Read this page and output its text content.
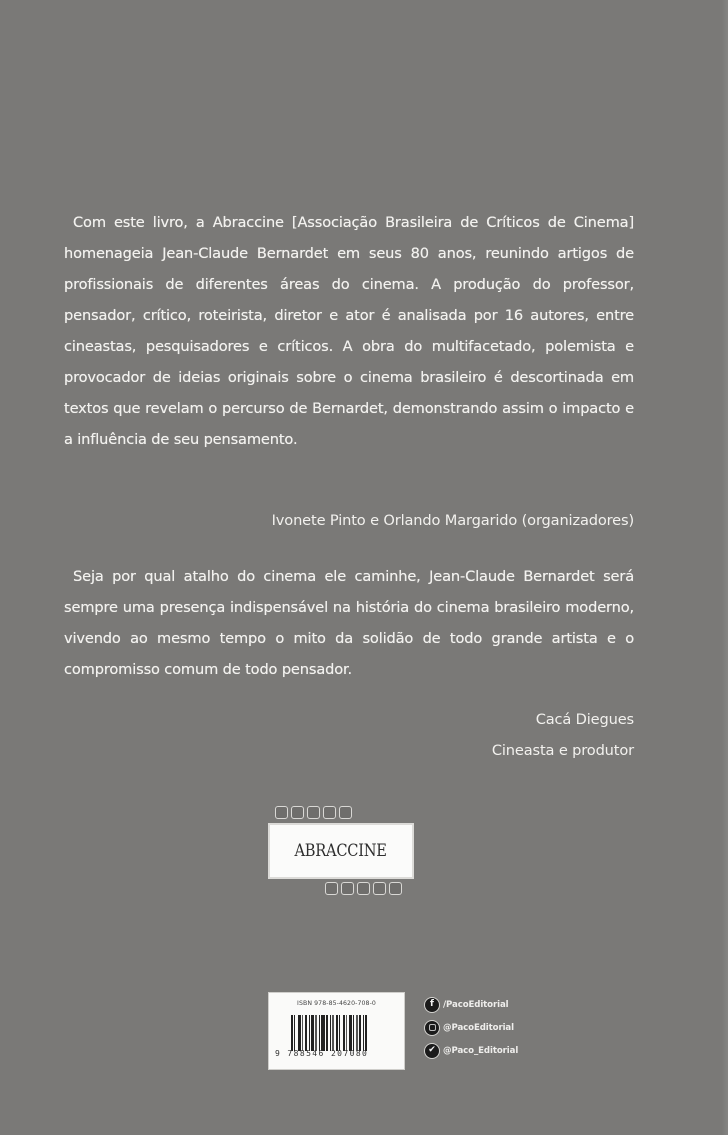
Com este livro, a Abraccine [Associação Brasileira de Críticos de Cinema] homenageia Jean-Claude Bernardet em seus 80 anos, reunindo artigos de profissionais de diferentes áreas do cinema. A produção do professor, pensador, crítico, roteirista, diretor e ator é analisada por 16 autores, entre cineastas, pesquisadores e críticos. A obra do multifacetado, polemista e provocador de ideias originais sobre o cinema brasileiro é descortinada em textos que revelam o percurso de Bernardet, demonstrando assim o impacto e a influência de seu pensamento.

Ivonete Pinto e Orlando Margarido (organizadores)

Seja por qual atalho do cinema ele caminhe, Jean-Claude Bernardet será sempre uma presença indispensável na história do cinema brasileiro moderno, vivendo ao mesmo tempo o mito da solidão de todo grande artista e o compromisso comum de todo pensador.

Cacá Diegues
Cineasta e produtor
ABRACCINE
ISBN 978-85-4620-708-0
9 788546 207080
f	/PacoEditorial
@PacoEditorial
✔ @Paco_Editorial
